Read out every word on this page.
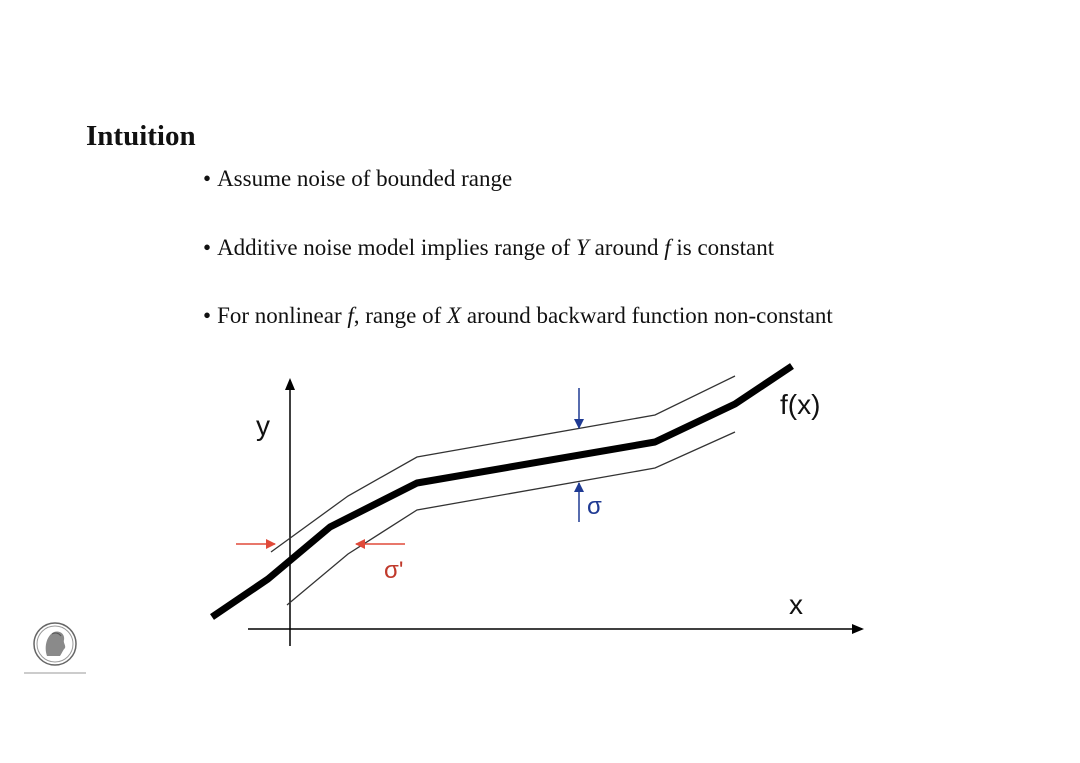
Intuition
• Assume noise of bounded range
• Additive noise model implies range of Y around f is constant
• For nonlinear f, range of X around backward function non-constant
y
x
f(x)
σ
σ'
